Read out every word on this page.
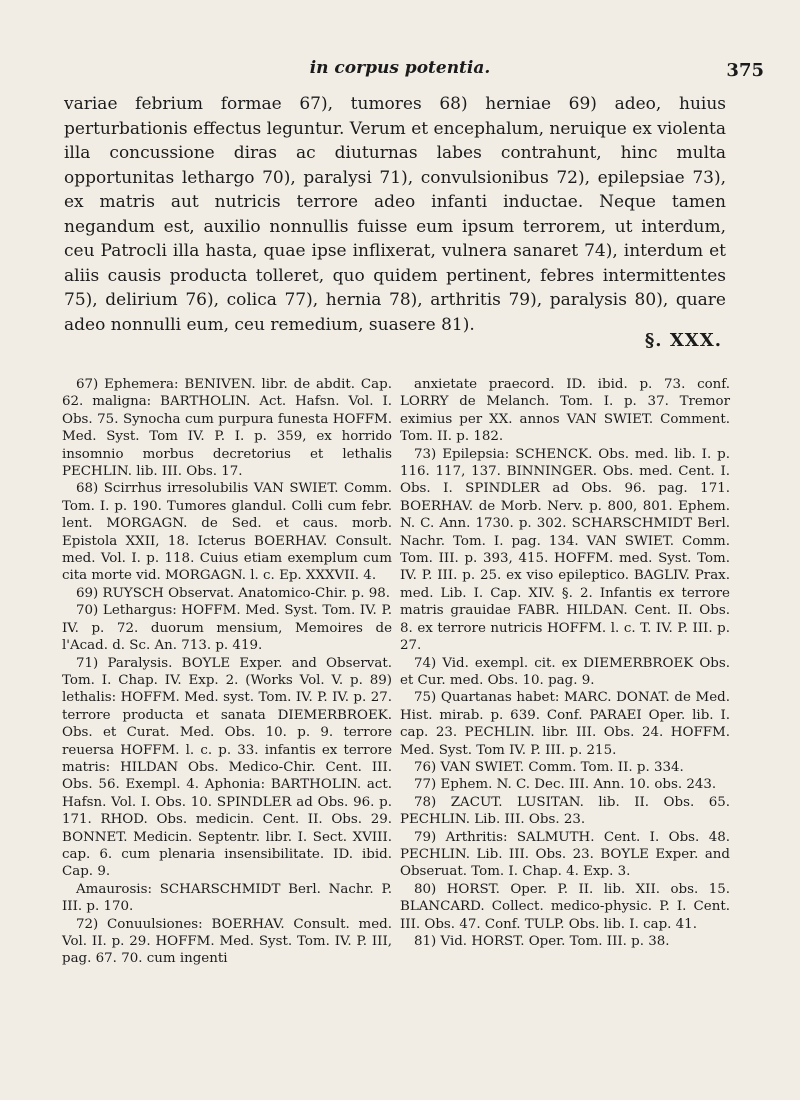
in corpus potentia.	375
variae febrium formae 67), tumores 68) herniae 69) adeo, huius perturbationis effectus leguntur. Verum et encephalum, neruique ex violenta illa concussione diras ac diuturnas labes contrahunt, hinc multa opportunitas lethargo 70), paralysi 71), convulsionibus 72), epilepsiae 73), ex matris aut nutricis terrore adeo infanti inductae. Neque tamen negandum est, auxilio nonnullis fuisse eum ipsum terrorem, ut interdum, ceu Patrocli illa hasta, quae ipse inflixerat, vulnera sanaret 74), interdum et aliis causis producta tolleret, quo quidem pertinent, febres intermittentes 75), delirium 76), colica 77), hernia 78), arthritis 79), paralysis 80), quare adeo nonnulli eum, ceu remedium, suasere 81).
§. XXX.

67) Ephemera: BENIVEN. libr. de abdit. Cap. 62. maligna: BARTHOLIN. Act. Hafsn. Vol. I. Obs. 75. Synocha cum purpura funesta HOFFM. Med. Syst. Tom IV. P. I. p. 359, ex horrido insomnio morbus decretorius et lethalis PECHLIN. lib. III. Obs. 17.

68) Scirrhus irresolubilis VAN SWIET. Comm. Tom. I. p. 190. Tumores glandul. Colli cum febr. lent. MORGAGN. de Sed. et caus. morb. Epistola XXII, 18. Icterus BOERHAV. Consult. med. Vol. I. p. 118. Cuius etiam exemplum cum cita morte vid. MORGAGN. l. c. Ep. XXXVII. 4.

69) RUYSCH Observat. Anatomico-Chir. p. 98.

70) Lethargus: HOFFM. Med. Syst. Tom. IV. P. IV. p. 72. duorum mensium, Memoires de l'Acad. d. Sc. An. 713. p. 419.

71) Paralysis. BOYLE Exper. and Observat. Tom. I. Chap. IV. Exp. 2. (Works Vol. V. p. 89) lethalis: HOFFM. Med. syst. Tom. IV. P. IV. p. 27. terrore producta et sanata DIEMERBROEK. Obs. et Curat. Med. Obs. 10. p. 9. terrore reuersa HOFFM. l. c. p. 33. infantis ex terrore matris: HILDAN Obs. Medico-Chir. Cent. III. Obs. 56. Exempl. 4. Aphonia: BARTHOLIN. act. Hafsn. Vol. I. Obs. 10. SPINDLER ad Obs. 96. p. 171. RHOD. Obs. medicin. Cent. II. Obs. 29. BONNET. Medicin. Septentr. libr. I. Sect. XVIII. cap. 6. cum plenaria insensibilitate. ID. ibid. Cap. 9.

Amaurosis: SCHARSCHMIDT Berl. Nachr. P. III. p. 170.

72) Conuulsiones: BOERHAV. Consult. med. Vol. II. p. 29. HOFFM. Med. Syst. Tom. IV. P. III, pag. 67. 70. cum ingenti

anxietate praecord. ID. ibid. p. 73. conf. LORRY de Melanch. Tom. I. p. 37. Tremor eximius per XX. annos VAN SWIET. Comment. Tom. II. p. 182.

73) Epilepsia: SCHENCK. Obs. med. lib. I. p. 116. 117, 137. BINNINGER. Obs. med. Cent. I. Obs. I. SPINDLER ad Obs. 96. pag. 171. BOERHAV. de Morb. Nerv. p. 800, 801. Ephem. N. C. Ann. 1730. p. 302. SCHARSCHMIDT Berl. Nachr. Tom. I. pag. 134. VAN SWIET. Comm. Tom. III. p. 393, 415. HOFFM. med. Syst. Tom. IV. P. III. p. 25. ex viso epileptico. BAGLIV. Prax. med. Lib. I. Cap. XIV. §. 2. Infantis ex terrore matris grauidae FABR. HILDAN. Cent. II. Obs. 8. ex terrore nutricis HOFFM. l. c. T. IV. P. III. p. 27.

74) Vid. exempl. cit. ex DIEMERBROEK Obs. et Cur. med. Obs. 10. pag. 9.

75) Quartanas habet: MARC. DONAT. de Med. Hist. mirab. p. 639. Conf. PARAEI Oper. lib. I. cap. 23. PECHLIN. libr. III. Obs. 24. HOFFM. Med. Syst. Tom IV. P. III. p. 215.

76) VAN SWIET. Comm. Tom. II. p. 334.

77) Ephem. N. C. Dec. III. Ann. 10. obs. 243.

78) ZACUT. LUSITAN. lib. II. Obs. 65. PECHLIN. Lib. III. Obs. 23.

79) Arthritis: SALMUTH. Cent. I. Obs. 48. PECHLIN. Lib. III. Obs. 23. BOYLE Exper. and Obseruat. Tom. I. Chap. 4. Exp. 3.

80) HORST. Oper. P. II. lib. XII. obs. 15. BLANCARD. Collect. medico-physic. P. I. Cent. III. Obs. 47. Conf. TULP. Obs. lib. I. cap. 41.

81) Vid. HORST. Oper. Tom. III. p. 38.
